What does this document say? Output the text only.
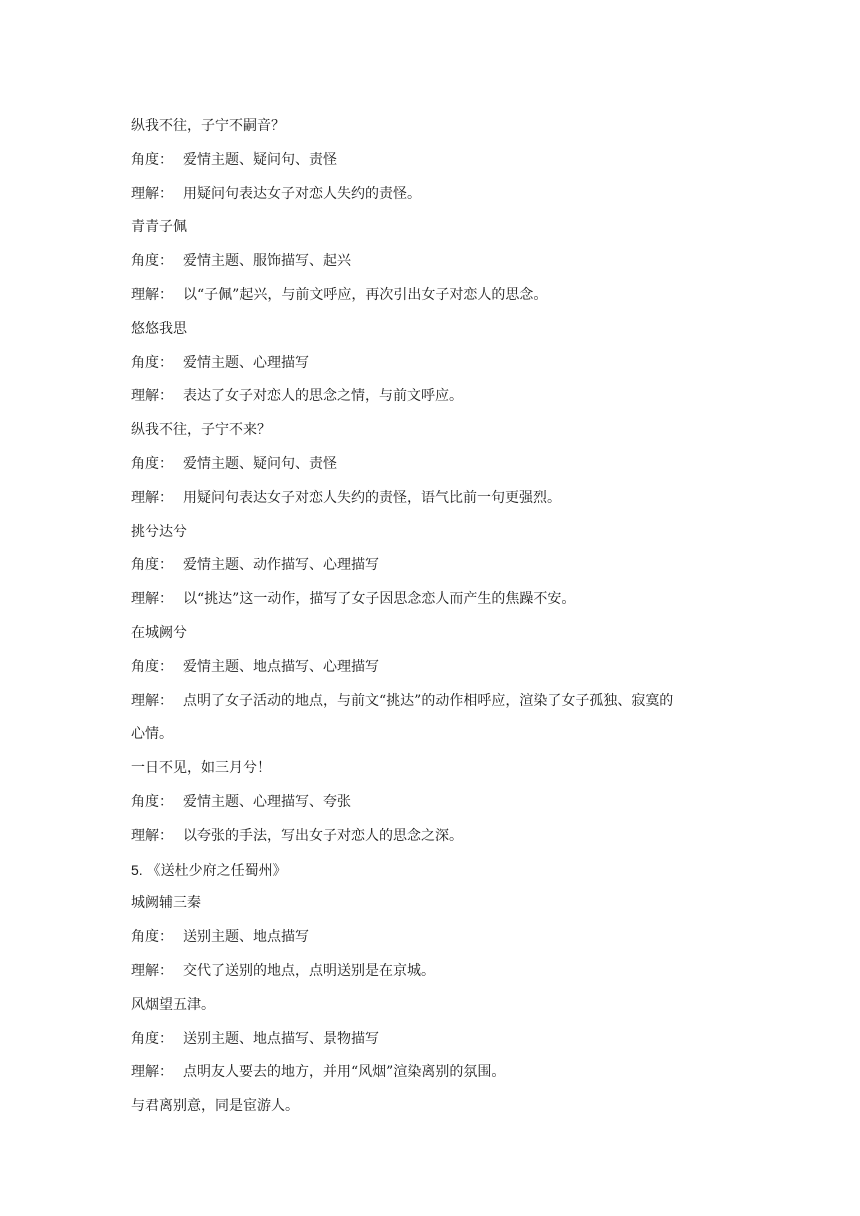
纵我不往，子宁不嗣音？
角度： 爱情主题、疑问句、责怪
理解： 用疑问句表达女子对恋人失约的责怪。
青青子佩
角度： 爱情主题、服饰描写、起兴
理解： 以“子佩”起兴，与前文呼应，再次引出女子对恋人的思念。
悠悠我思
角度： 爱情主题、心理描写
理解： 表达了女子对恋人的思念之情，与前文呼应。
纵我不往，子宁不来？
角度： 爱情主题、疑问句、责怪
理解： 用疑问句表达女子对恋人失约的责怪，语气比前一句更强烈。
挑兮达兮
角度： 爱情主题、动作描写、心理描写
理解： 以“挑达”这一动作，描写了女子因思念恋人而产生的焦躁不安。
在城阙兮
角度： 爱情主题、地点描写、心理描写
理解： 点明了女子活动的地点，与前文“挑达”的动作相呼应，渲染了女子孤独、寂寞的
心情。
一日不见，如三月兮！
角度： 爱情主题、心理描写、夸张
理解： 以夸张的手法，写出女子对恋人的思念之深。
5. 《送杜少府之任蜀州》
城阙辅三秦
角度： 送别主题、地点描写
理解： 交代了送别的地点，点明送别是在京城。
风烟望五津。
角度： 送别主题、地点描写、景物描写
理解： 点明友人要去的地方，并用“风烟”渲染离别的氛围。
与君离别意，同是宦游人。
